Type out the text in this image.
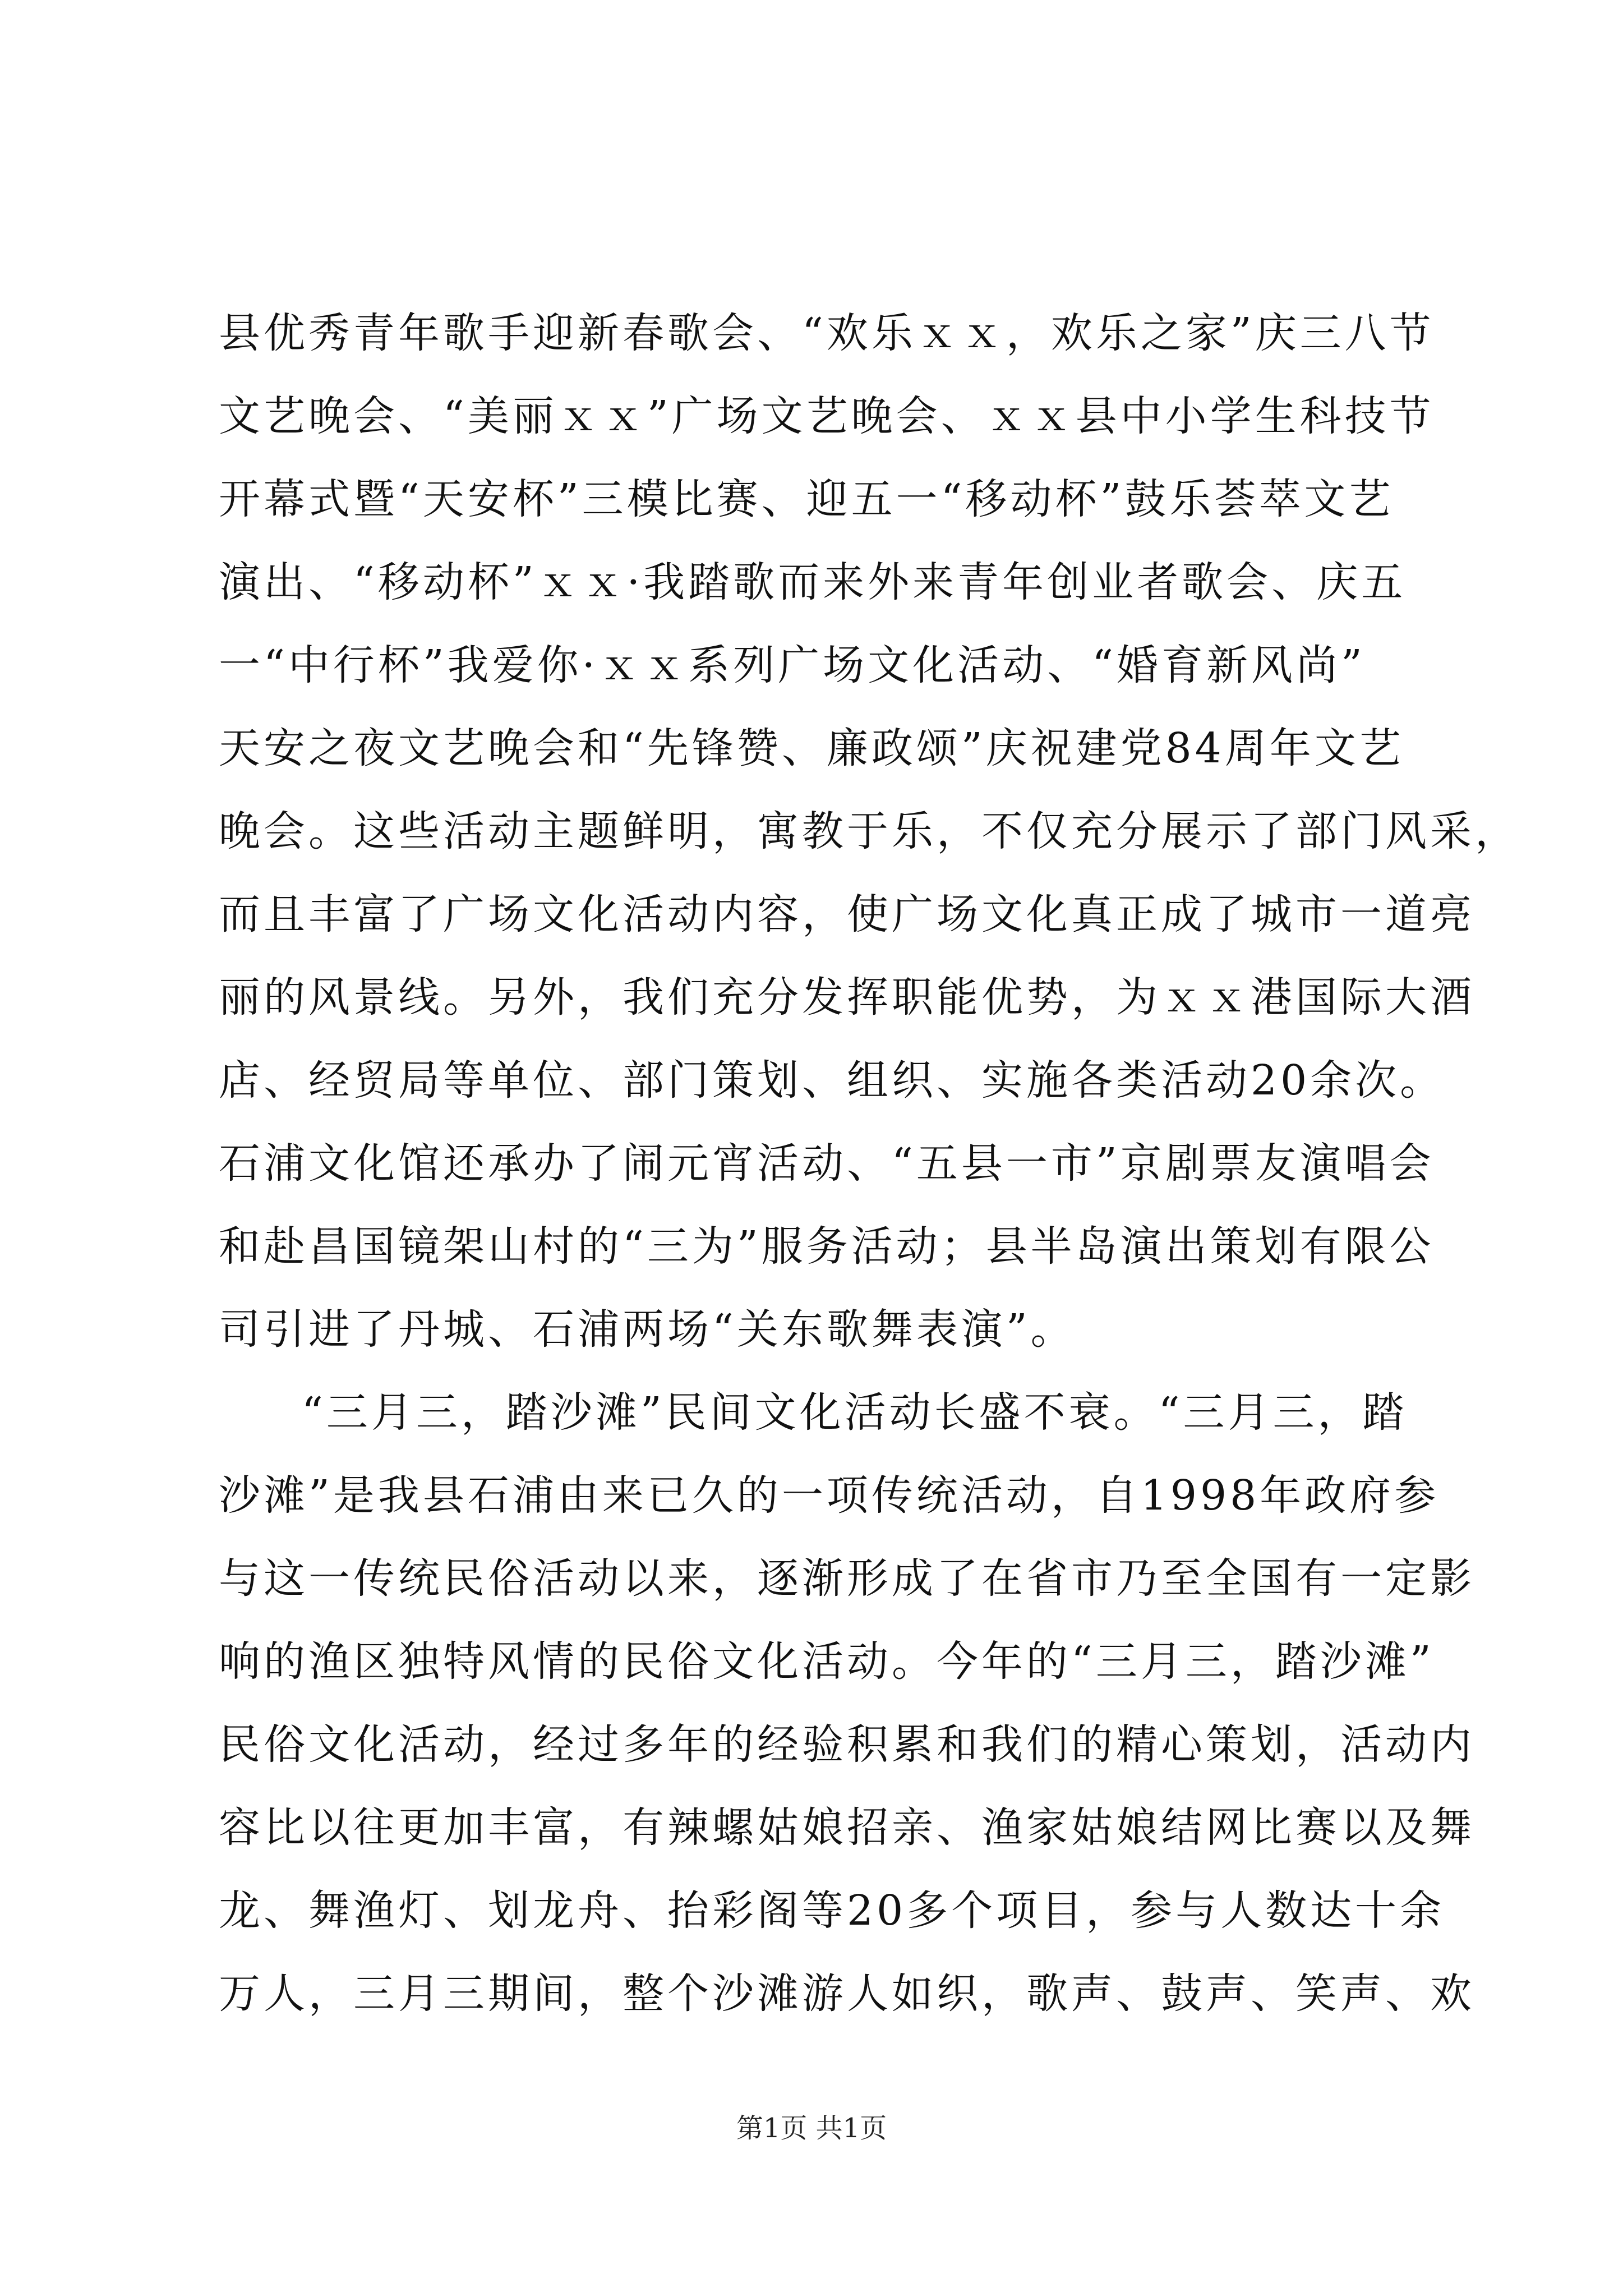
县优秀青年歌手迎新春歌会、“欢乐ｘｘ，欢乐之家”庆三八节
文艺晚会、“美丽ｘｘ”广场文艺晚会、ｘｘ县中小学生科技节
开幕式暨“天安杯”三模比赛、迎五一“移动杯”鼓乐荟萃文艺
演出、“移动杯”ｘｘ·我踏歌而来外来青年创业者歌会、庆五
一“中行杯”我爱你·ｘｘ系列广场文化活动、“婚育新风尚”
天安之夜文艺晚会和“先锋赞、廉政颂”庆祝建党84周年文艺
晚会。这些活动主题鲜明，寓教于乐，不仅充分展示了部门风采，
而且丰富了广场文化活动内容，使广场文化真正成了城市一道亮
丽的风景线。另外，我们充分发挥职能优势，为ｘｘ港国际大酒
店、经贸局等单位、部门策划、组织、实施各类活动20余次。
石浦文化馆还承办了闹元宵活动、“五县一市”京剧票友演唱会
和赴昌国镜架山村的“三为”服务活动；县半岛演出策划有限公
司引进了丹城、石浦两场“关东歌舞表演”。
“三月三，踏沙滩”民间文化活动长盛不衰。“三月三，踏
沙滩”是我县石浦由来已久的一项传统活动，自1998年政府参
与这一传统民俗活动以来，逐渐形成了在省市乃至全国有一定影
响的渔区独特风情的民俗文化活动。今年的“三月三，踏沙滩”
民俗文化活动，经过多年的经验积累和我们的精心策划，活动内
容比以往更加丰富，有辣螺姑娘招亲、渔家姑娘结网比赛以及舞
龙、舞渔灯、划龙舟、抬彩阁等20多个项目，参与人数达十余
万人，三月三期间，整个沙滩游人如织，歌声、鼓声、笑声、欢
第1页 共1页
